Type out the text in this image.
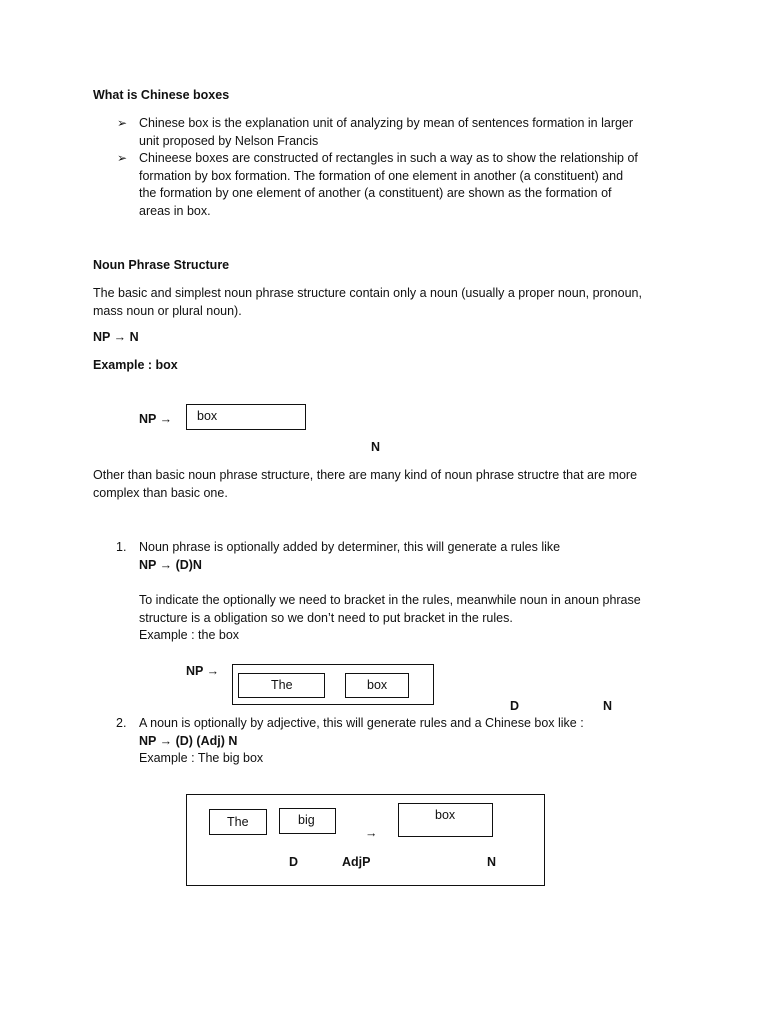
What is Chinese boxes
➢ Chinese box is the explanation unit of analyzing by mean of sentences formation in larger
unit proposed by Nelson Francis
➢ Chineese boxes are constructed of rectangles in such a way as to show the relationship of
formation by box formation. The formation of one element in another (a constituent) and
the formation by one element of another (a constituent) are shown as the formation of
areas in box.
Noun Phrase Structure
The basic and simplest noun phrase structure contain only a noun (usually a proper noun, pronoun,
mass noun or plural noun).
NP → N
Example : box
NP → box
N
Other than basic noun phrase structure, there are many kind of noun phrase structre that are more
complex than basic one.
1. Noun phrase is optionally added by determiner, this will generate a rules like
NP → (D)N
To indicate the optionally we need to bracket in the rules, meanwhile noun in anoun phrase
structure is a obligation so we don’t need to put bracket in the rules.
Example : the box
NP →
The	box
D	N
2. A noun is optionally by adjective, this will generate rules and a Chinese box like :
NP → (D) (Adj) N
Example : The big box
The	big
→
box
D	AdjP	N
